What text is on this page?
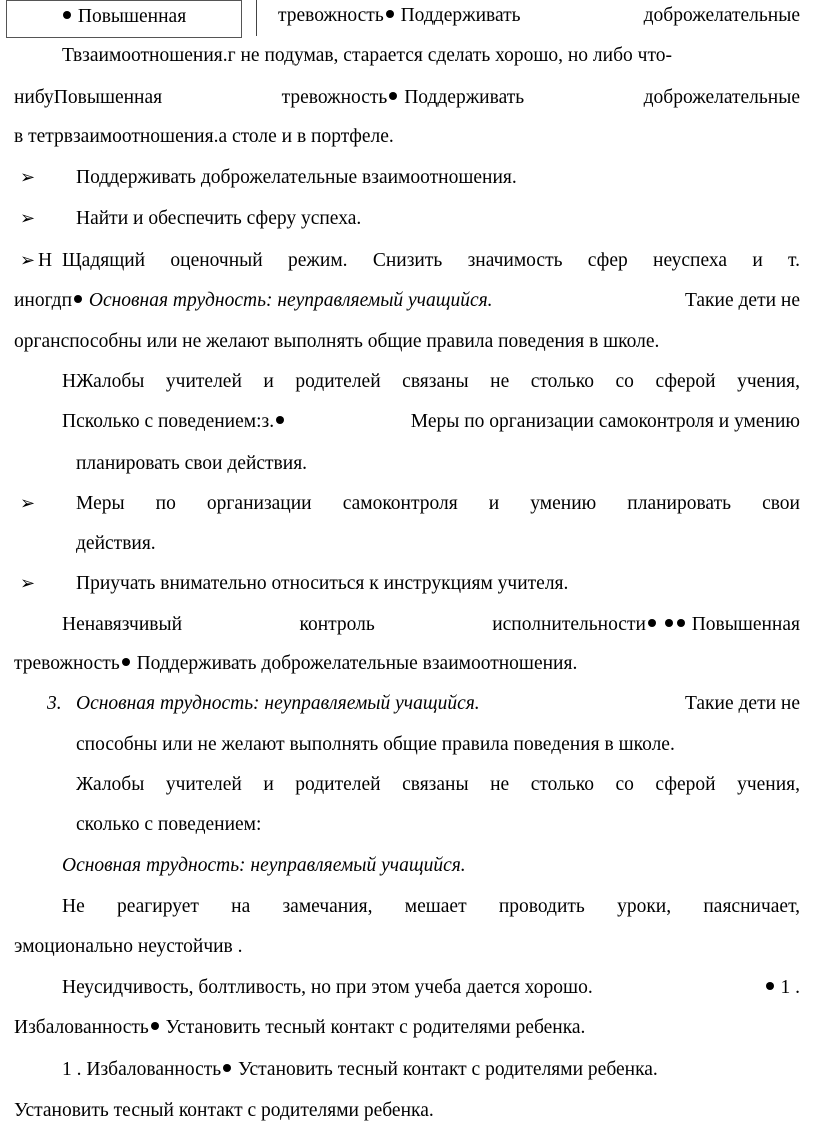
Повышенная	тревожность Поддерживать	доброжелательные
Твзаимоотношения.г не подумав, старается сделать хорошо, но либо что-
нибуПовышенная	тревожность Поддерживать	доброжелательные
в тетрвзаимоотношения.а столе и в портфеле.
➢ Поддерживать доброжелательные взаимоотношения.
➢ Найти и обеспечить сферу успеха.
➢ Н Щадящий оценочный режим. Снизить значимость сфер неуспеха и т.
иногдп Основная трудность: неуправляемый учащийся.	Такие дети не
органспособны или не желают выполнять общие правила поведения в школе.
НЖалобы учителей и родителей связаны не столько со сферой учения,
Псколько с поведением:з.	Меры по организации самоконтроля и умению
планировать свои действия.
➢ Меры по организации самоконтроля и умению планировать свои
действия.
➢ Приучать внимательно относиться к инструкциям учителя.
Ненавязчивый	контроль	исполнительности Повышенная
тревожность Поддерживать доброжелательные взаимоотношения.
3. Основная трудность: неуправляемый учащийся.	Такие дети не
способны или не желают выполнять общие правила поведения в школе.
Жалобы учителей и родителей связаны не столько со сферой учения,
сколько с поведением:
Основная трудность: неуправляемый учащийся.
Не реагирует на замечания, мешает проводить уроки, паясничает,
эмоционально неустойчив .
Неусидчивость, болтливость, но при этом учеба дается хорошо.	1 .
Избалованность Установить тесный контакт с родителями ребенка.
1 . Избалованность Установить тесный контакт с родителями ребенка.
Установить тесный контакт с родителями ребенка.
